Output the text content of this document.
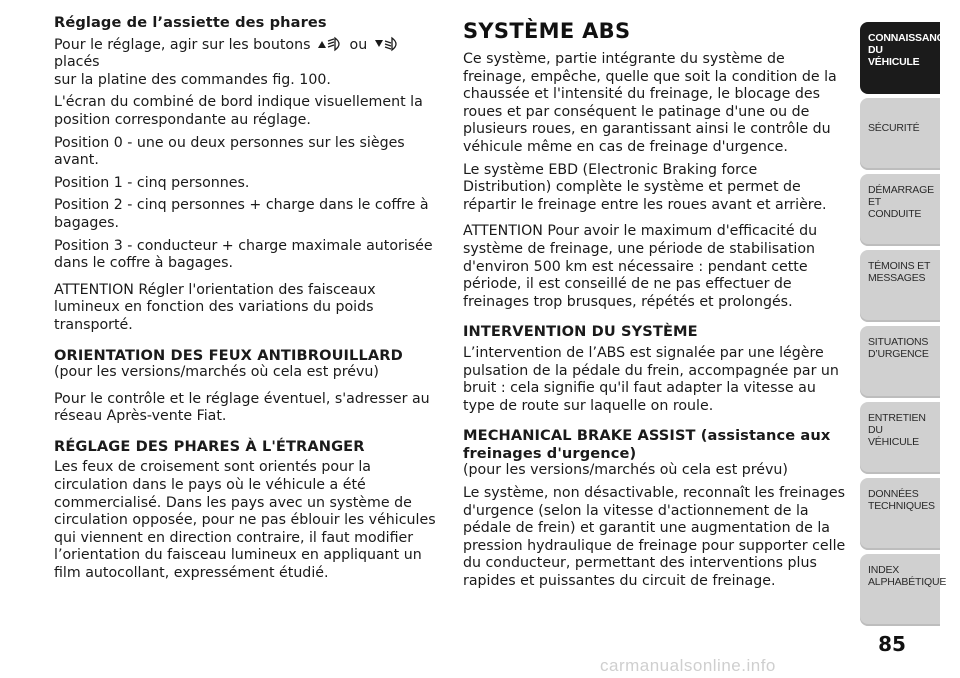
Réglage de l’assiette des phares

Pour le réglage, agir sur les boutons	ou  placés
sur la platine des commandes fig. 100.

L'écran du combiné de bord indique visuellement la position correspondante au réglage.

Position 0 - une ou deux personnes sur les sièges avant.

Position 1 - cinq personnes.

Position 2 - cinq personnes + charge dans le coffre à bagages.

Position 3 - conducteur + charge maximale autorisée dans le coffre à bagages.

ATTENTION Régler l'orientation des faisceaux lumineux en fonction des variations du poids transporté.

ORIENTATION DES FEUX ANTIBROUILLARD

(pour les versions/marchés où cela est prévu)

Pour le contrôle et le réglage éventuel, s'adresser au réseau Après-vente Fiat.

RÉGLAGE DES PHARES À L'ÉTRANGER

Les feux de croisement sont orientés pour la circulation dans le pays où le véhicule a été commercialisé. Dans les pays avec un système de circulation opposée, pour ne pas éblouir les véhicules qui viennent en direction contraire, il faut modifier l’orientation du faisceau lumineux en appliquant un film autocollant, expressément étudié.

SYSTÈME ABS

Ce système, partie intégrante du système de freinage, empêche, quelle que soit la condition de la chaussée et l'intensité du freinage, le blocage des roues et par conséquent le patinage d'une ou de plusieurs roues, en garantissant ainsi le contrôle du véhicule même en cas de freinage d'urgence.

Le système EBD (Electronic Braking force Distribution) complète le système et permet de répartir le freinage entre les roues avant et arrière.

ATTENTION Pour avoir le maximum d'efficacité du système de freinage, une période de stabilisation d'environ 500 km est nécessaire : pendant cette période, il est conseillé de ne pas effectuer de freinages trop brusques, répétés et prolongés.

INTERVENTION DU SYSTÈME

L’intervention de l’ABS est signalée par une légère pulsation de la pédale du frein, accompagnée par un bruit : cela signifie qu'il faut adapter la vitesse au type de route sur laquelle on roule.

MECHANICAL BRAKE ASSIST (assistance aux freinages d'urgence)

(pour les versions/marchés où cela est prévu)

Le système, non désactivable, reconnaît les freinages d'urgence (selon la vitesse d'actionnement de la pédale de frein) et garantit une augmentation de la pression hydraulique de freinage pour supporter celle du conducteur, permettant des interventions plus rapides et puissantes du circuit de freinage.

CONNAISSANCE
DU VÉHICULE
SÉCURITÉ
DÉMARRAGE ET
CONDUITE
TÉMOINS ET
MESSAGES
SITUATIONS
D’URGENCE
ENTRETIEN DU
VÉHICULE
DONNÉES
TECHNIQUES
INDEX
ALPHABÉTIQUE
85
carmanualsonline.info
